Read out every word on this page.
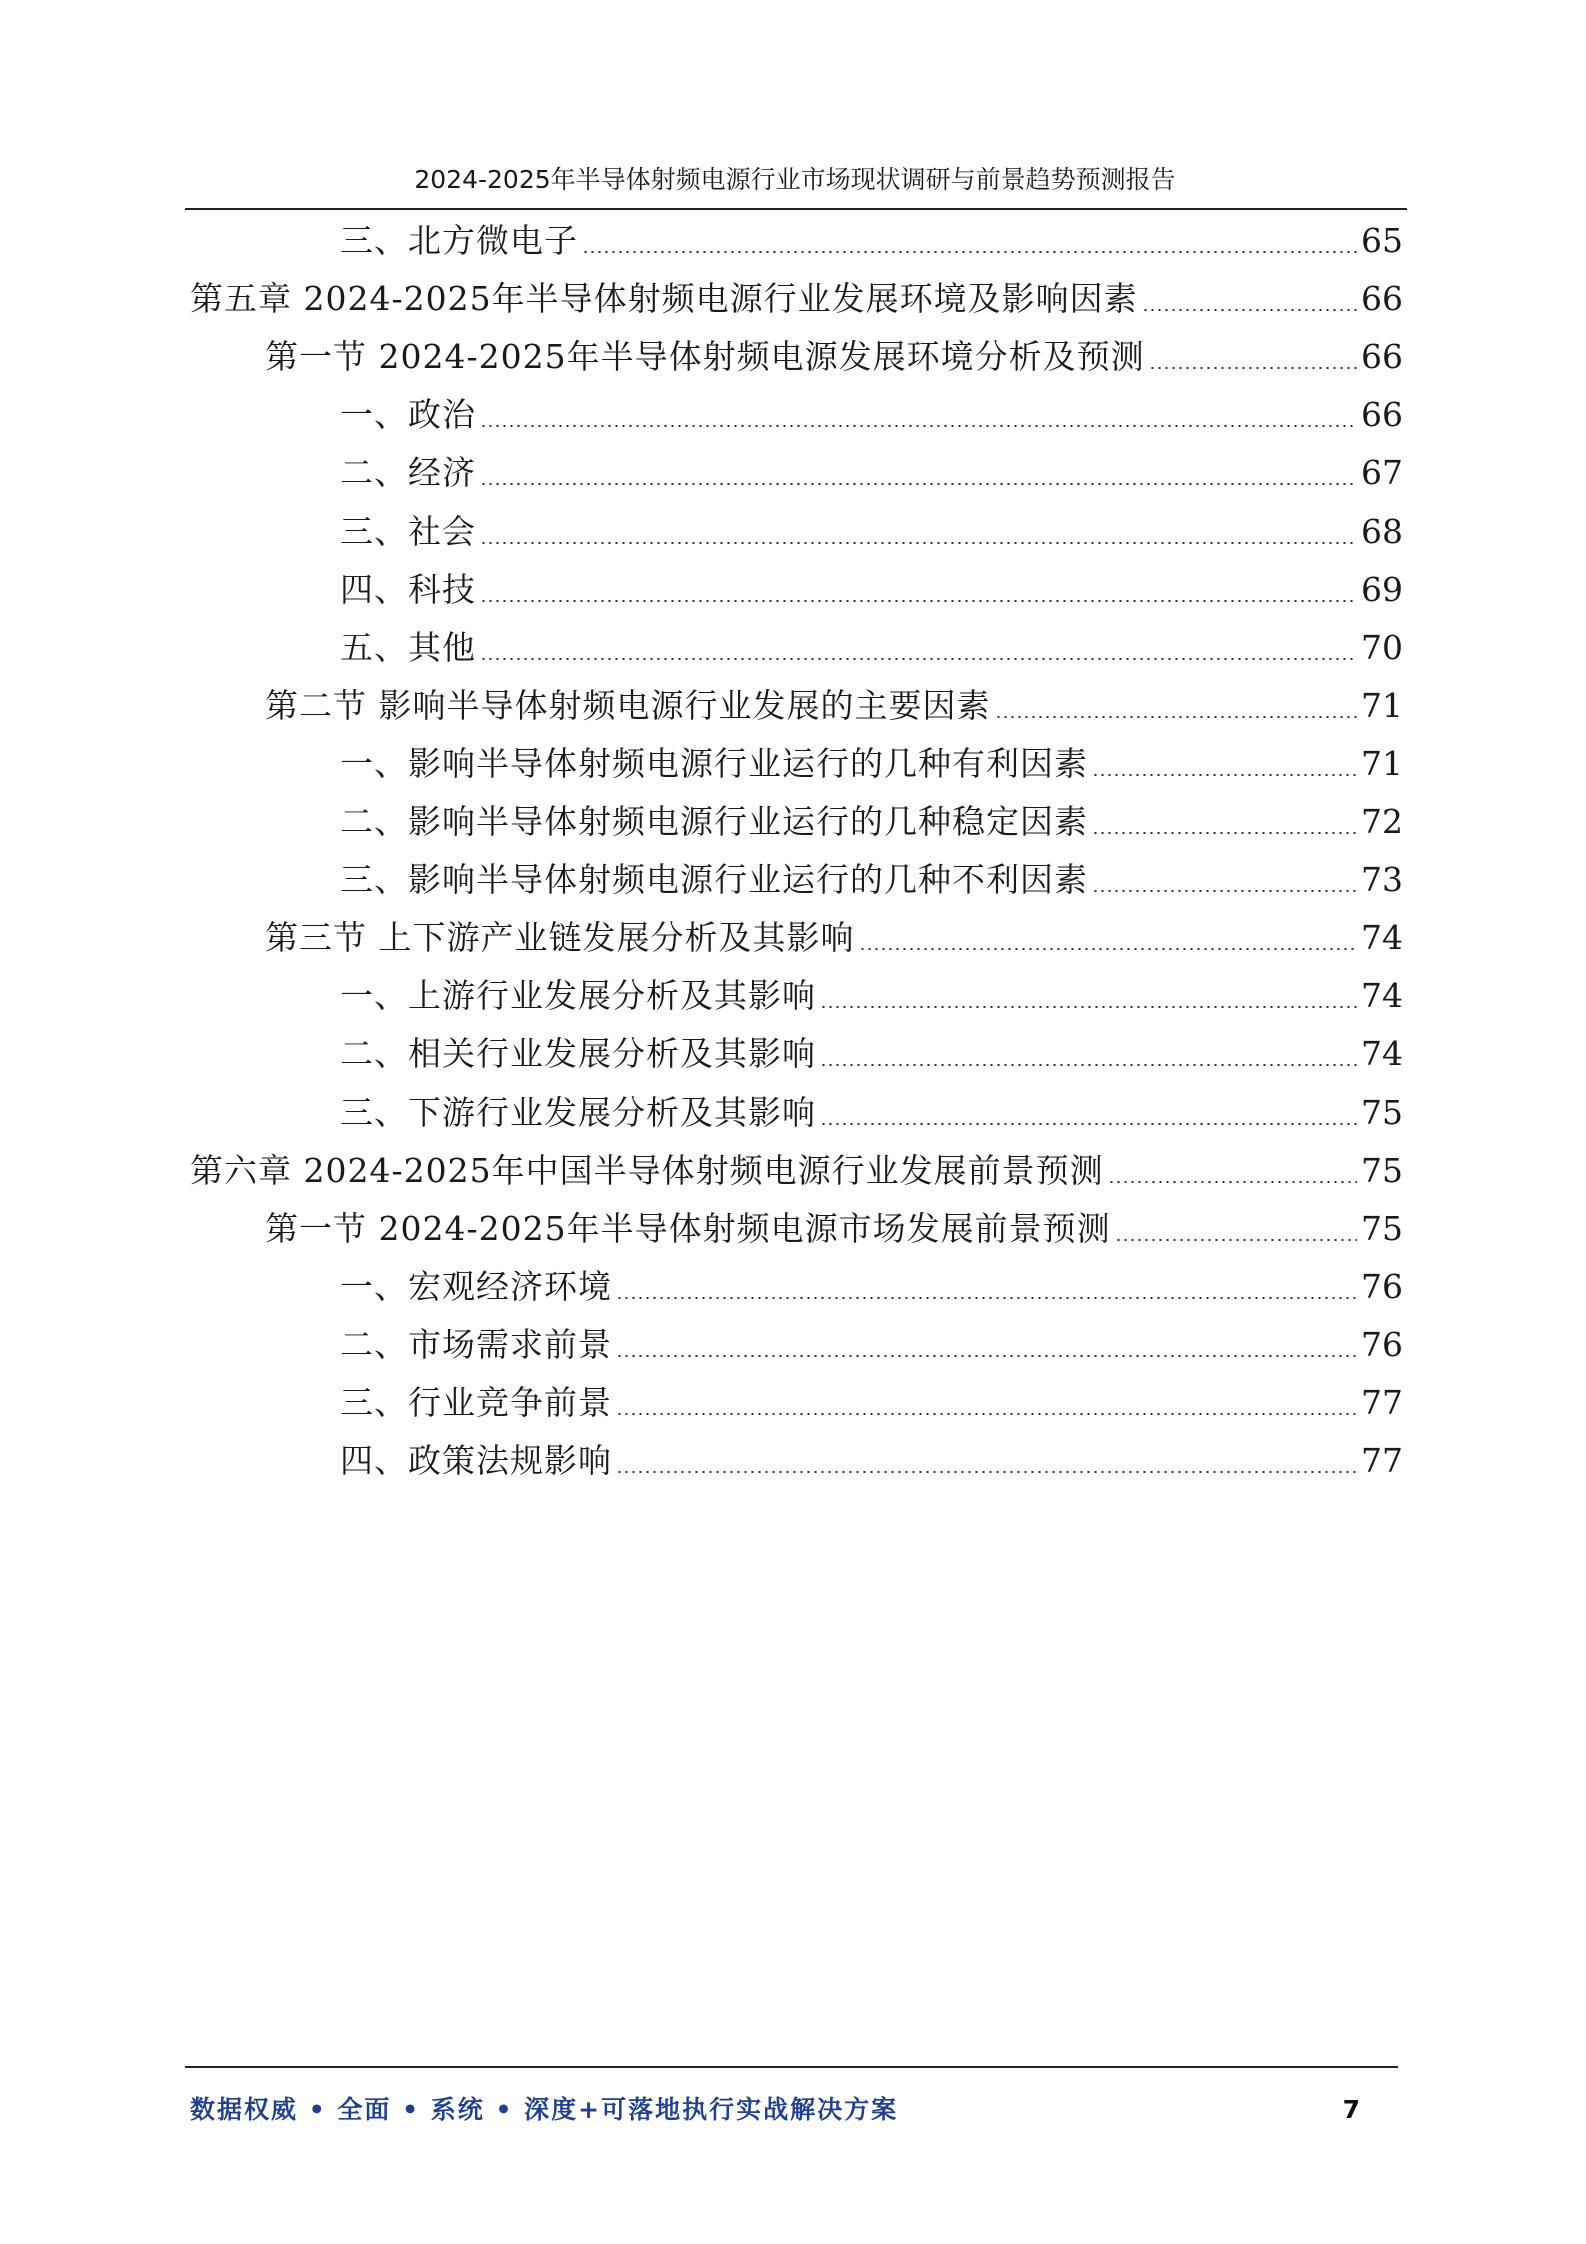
2024-2025年半导体射频电源行业市场现状调研与前景趋势预测报告
三、北方微电子	65
第五章 2024-2025年半导体射频电源行业发展环境及影响因素	66
第一节 2024-2025年半导体射频电源发展环境分析及预测	66
一、政治	66
二、经济	67
三、社会	68
四、科技	69
五、其他	70
第二节 影响半导体射频电源行业发展的主要因素	71
一、影响半导体射频电源行业运行的几种有利因素	71
二、影响半导体射频电源行业运行的几种稳定因素	72
三、影响半导体射频电源行业运行的几种不利因素	73
第三节 上下游产业链发展分析及其影响	74
一、上游行业发展分析及其影响	74
二、相关行业发展分析及其影响	74
三、下游行业发展分析及其影响	75
第六章 2024-2025年中国半导体射频电源行业发展前景预测	75
第一节 2024-2025年半导体射频电源市场发展前景预测	75
一、宏观经济环境	76
二、市场需求前景	76
三、行业竞争前景	77
四、政策法规影响	77
数据权威 • 全面 • 系统 • 深度+可落地执行实战解决方案	7
